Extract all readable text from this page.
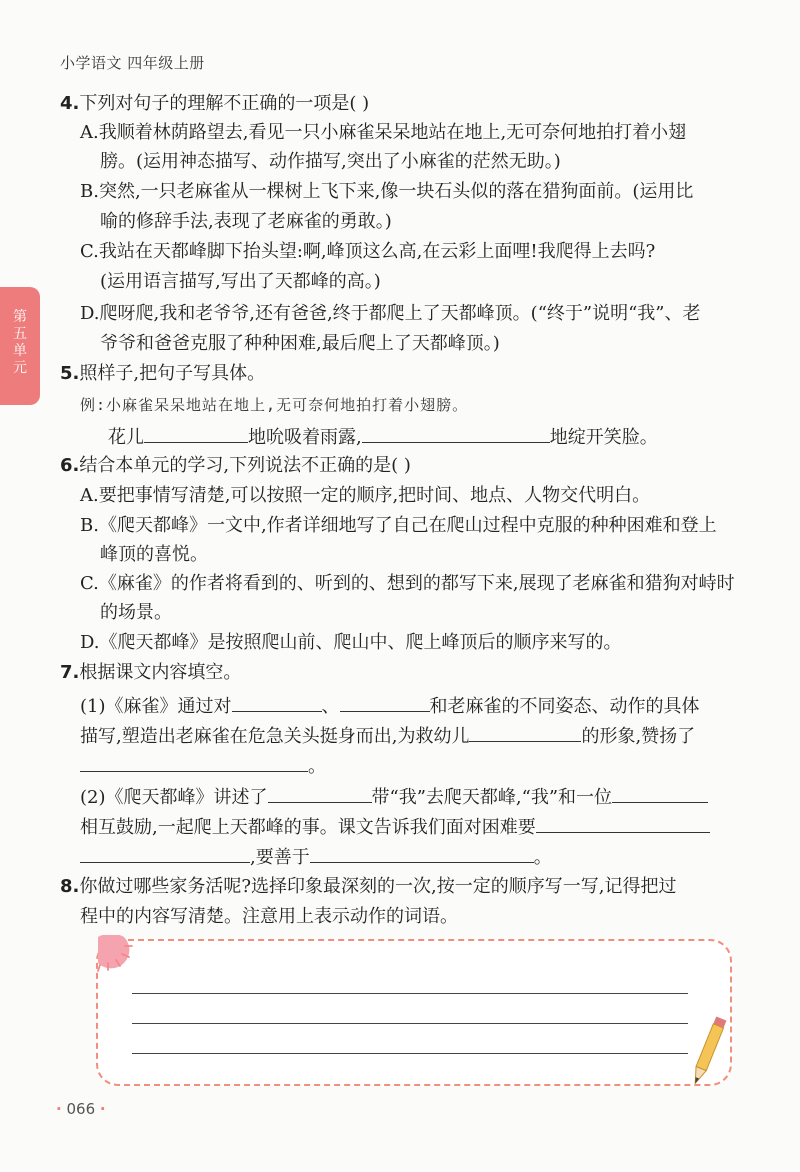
小学语文 四年级上册
第五单元
4.下列对句子的理解不正确的一项是( )
A.我顺着林荫路望去,看见一只小麻雀呆呆地站在地上,无可奈何地拍打着小翅
膀。(运用神态描写、动作描写,突出了小麻雀的茫然无助。)
B.突然,一只老麻雀从一棵树上飞下来,像一块石头似的落在猎狗面前。(运用比
喻的修辞手法,表现了老麻雀的勇敢。)
C.我站在天都峰脚下抬头望:啊,峰顶这么高,在云彩上面哩!我爬得上去吗?
(运用语言描写,写出了天都峰的高。)
D.爬呀爬,我和老爷爷,还有爸爸,终于都爬上了天都峰顶。(“终于”说明“我”、老
爷爷和爸爸克服了种种困难,最后爬上了天都峰顶。)
5.照样子,把句子写具体。
例:小麻雀呆呆地站在地上,无可奈何地拍打着小翅膀。
花儿	地吮吸着雨露,	地绽开笑脸。
6.结合本单元的学习,下列说法不正确的是( )
A.要把事情写清楚,可以按照一定的顺序,把时间、地点、人物交代明白。
B.《爬天都峰》一文中,作者详细地写了自己在爬山过程中克服的种种困难和登上
峰顶的喜悦。
C.《麻雀》的作者将看到的、听到的、想到的都写下来,展现了老麻雀和猎狗对峙时
的场景。
D.《爬天都峰》是按照爬山前、爬山中、爬上峰顶后的顺序来写的。
7.根据课文内容填空。
(1)《麻雀》通过对	、	和老麻雀的不同姿态、动作的具体
描写,塑造出老麻雀在危急关头挺身而出,为救幼儿	的形象,赞扬了
。
(2)《爬天都峰》讲述了	带“我”去爬天都峰,“我”和一位
相互鼓励,一起爬上天都峰的事。课文告诉我们面对困难要
,要善于	。
8.你做过哪些家务活呢?选择印象最深刻的一次,按一定的顺序写一写,记得把过
程中的内容写清楚。注意用上表示动作的词语。
· 066 ·
